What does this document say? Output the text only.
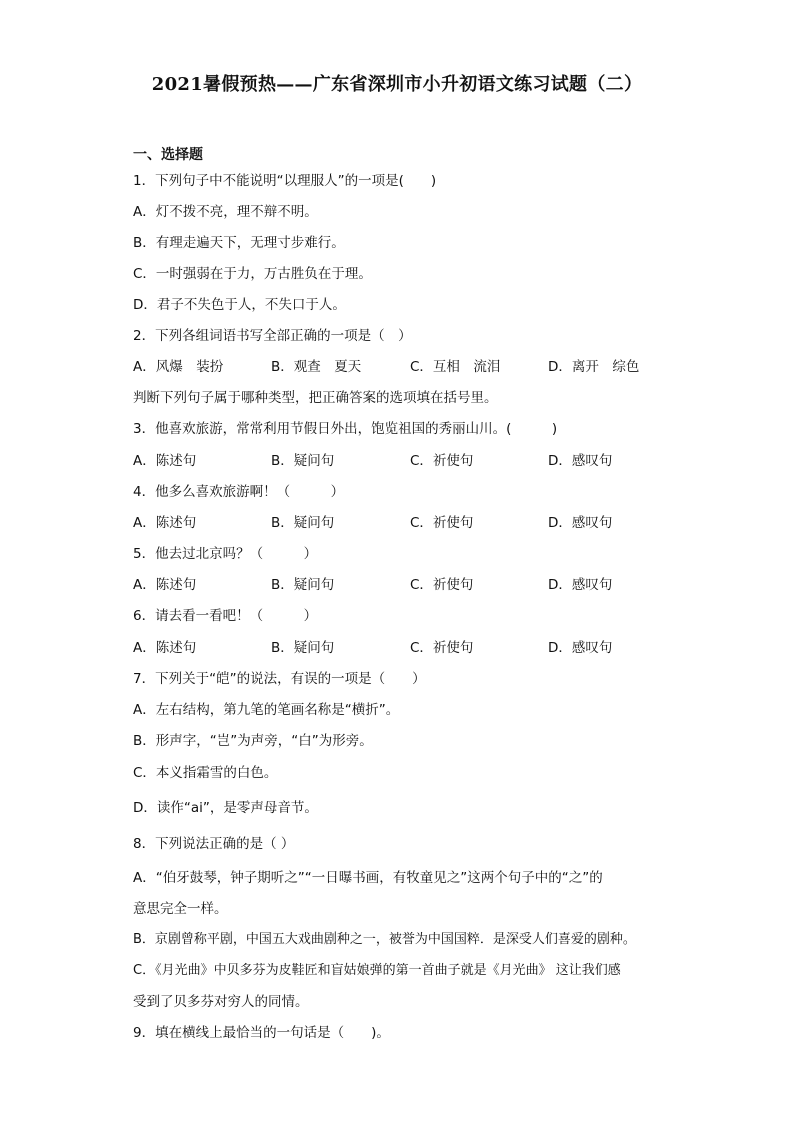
2021暑假预热——广东省深圳市小升初语文练习试题（二）
一、选择题
1．下列句子中不能说明“以理服人”的一项是(　　)
A．灯不拨不亮，理不辩不明。
B．有理走遍天下，无理寸步难行。
C．一时强弱在于力，万古胜负在于理。
D．君子不失色于人，不失口于人。
2．下列各组词语书写全部正确的一项是（　）
A．风爆　装扮	B．观查　夏天	C．互相　流泪	D．离开　综色
判断下列句子属于哪种类型，把正确答案的选项填在括号里。
3．他喜欢旅游，常常利用节假日外出，饱览祖国的秀丽山川。(　　　)
A．陈述句	B．疑问句	C．祈使句	D．感叹句
4．他多么喜欢旅游啊！（　　　）
A．陈述句	B．疑问句	C．祈使句	D．感叹句
5．他去过北京吗？（　　　）
A．陈述句	B．疑问句	C．祈使句	D．感叹句
6．请去看一看吧！（　　　）
A．陈述句	B．疑问句	C．祈使句	D．感叹句
7．下列关于“皑”的说法，有误的一项是（　　）
A．左右结构，第九笔的笔画名称是“横折”。
B．形声字，“岂”为声旁，“白”为形旁。
C．本义指霜雪的白色。
D．读作“ai”，是零声母音节。
8．下列说法正确的是（ ）
A．“伯牙鼓琴，钟子期听之”“一日曝书画，有牧童见之”这两个句子中的“之”的
意思完全一样。
B．京剧曾称平剧，中国五大戏曲剧种之一，被誉为中国国粹．是深受人们喜爱的剧种。
C．《月光曲》中贝多芬为皮鞋匠和盲姑娘弹的第一首曲子就是《月光曲》 这让我们感
受到了贝多芬对穷人的同情。
9．填在横线上最恰当的一句话是（　　)。
